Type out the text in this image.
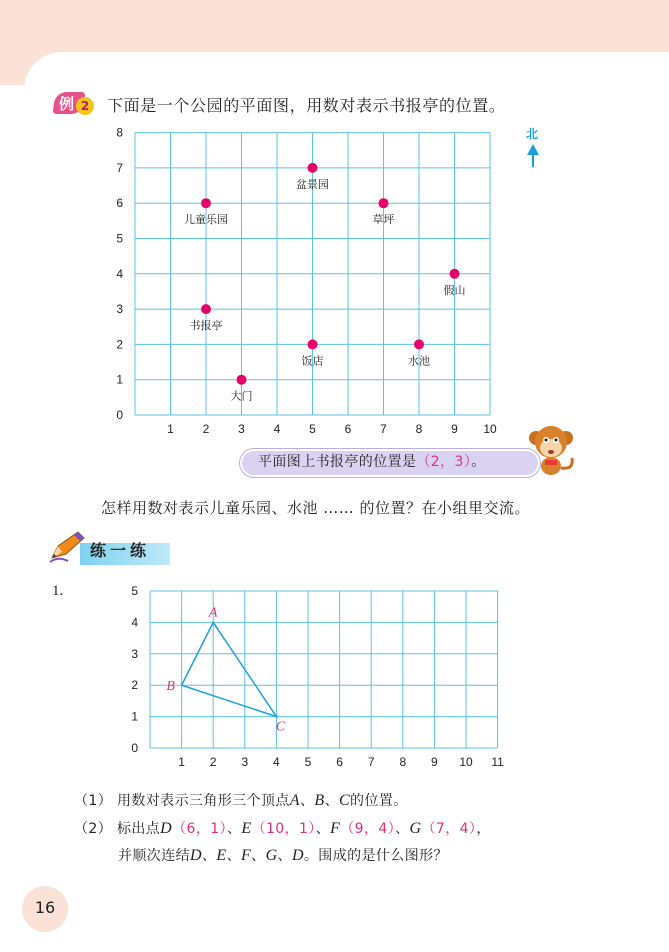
例 2	下面是一个公园的平面图，用数对表示书报亭的位置。
1 2 3 4 5 6 7 8 9 10
0
1
2
3
4
5
6
7
8
盆景园
儿童乐园	草坪
假山
书报亭
饭店	水池
大门
北
平面图上书报亭的位置是（2，3）。
怎样用数对表示儿童乐园、水池 …… 的位置？在小组里交流。
练一练
1.
1 2 3 4 5 6 7 8 9 10 11
0
1
2
3
4
5
A
B
C
（1） 用数对表示三角形三个顶点A、B、C的位置。
（2） 标出点D（6，1）、E（10，1）、F（9，4）、G（7，4），
并顺次连结D、E、F、G、D。围成的是什么图形？
16
